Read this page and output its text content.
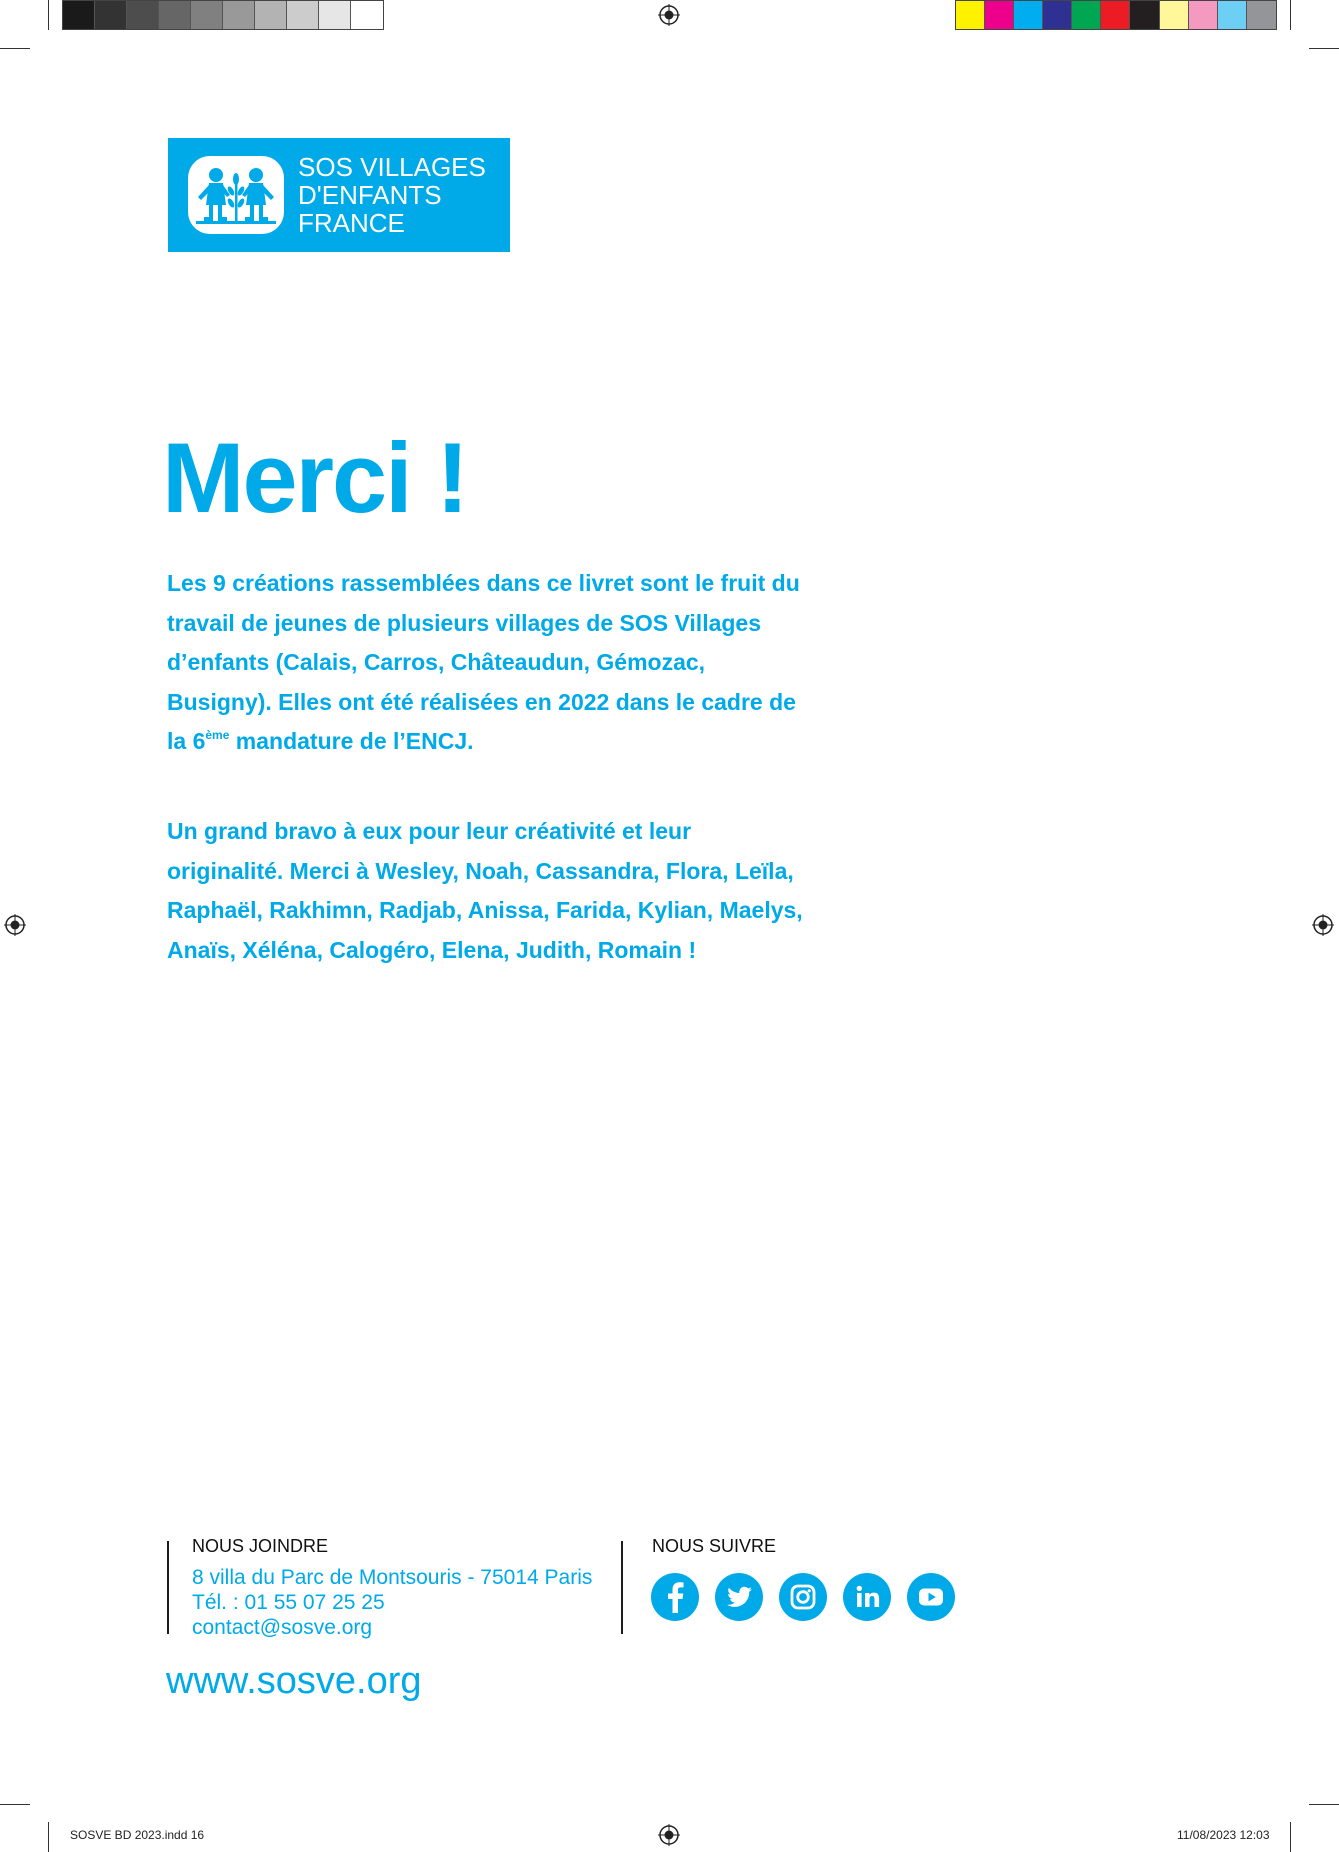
SOS VILLAGES
D'ENFANTS
FRANCE
Merci !
Les 9 créations rassemblées dans ce livret sont le fruit du travail de jeunes de plusieurs villages de SOS Villages d’enfants (Calais, Carros, Châteaudun, Gémozac, Busigny). Elles ont été réalisées en 2022 dans le cadre de la 6ème mandature de l’ENCJ.
Un grand bravo à eux pour leur créativité et leur originalité. Merci à Wesley, Noah, Cassandra, Flora, Leïla, Raphaël, Rakhimn, Radjab, Anissa, Farida, Kylian, Maelys, Anaïs, Xéléna, Calogéro, Elena, Judith, Romain !
NOUS JOINDRE
8 villa du Parc de Montsouris - 75014 Paris
Tél. : 01 55 07 25 25
contact@sosve.org
NOUS SUIVRE
www.sosve.org
SOSVE BD 2023.indd 16	11/08/2023 12:03
